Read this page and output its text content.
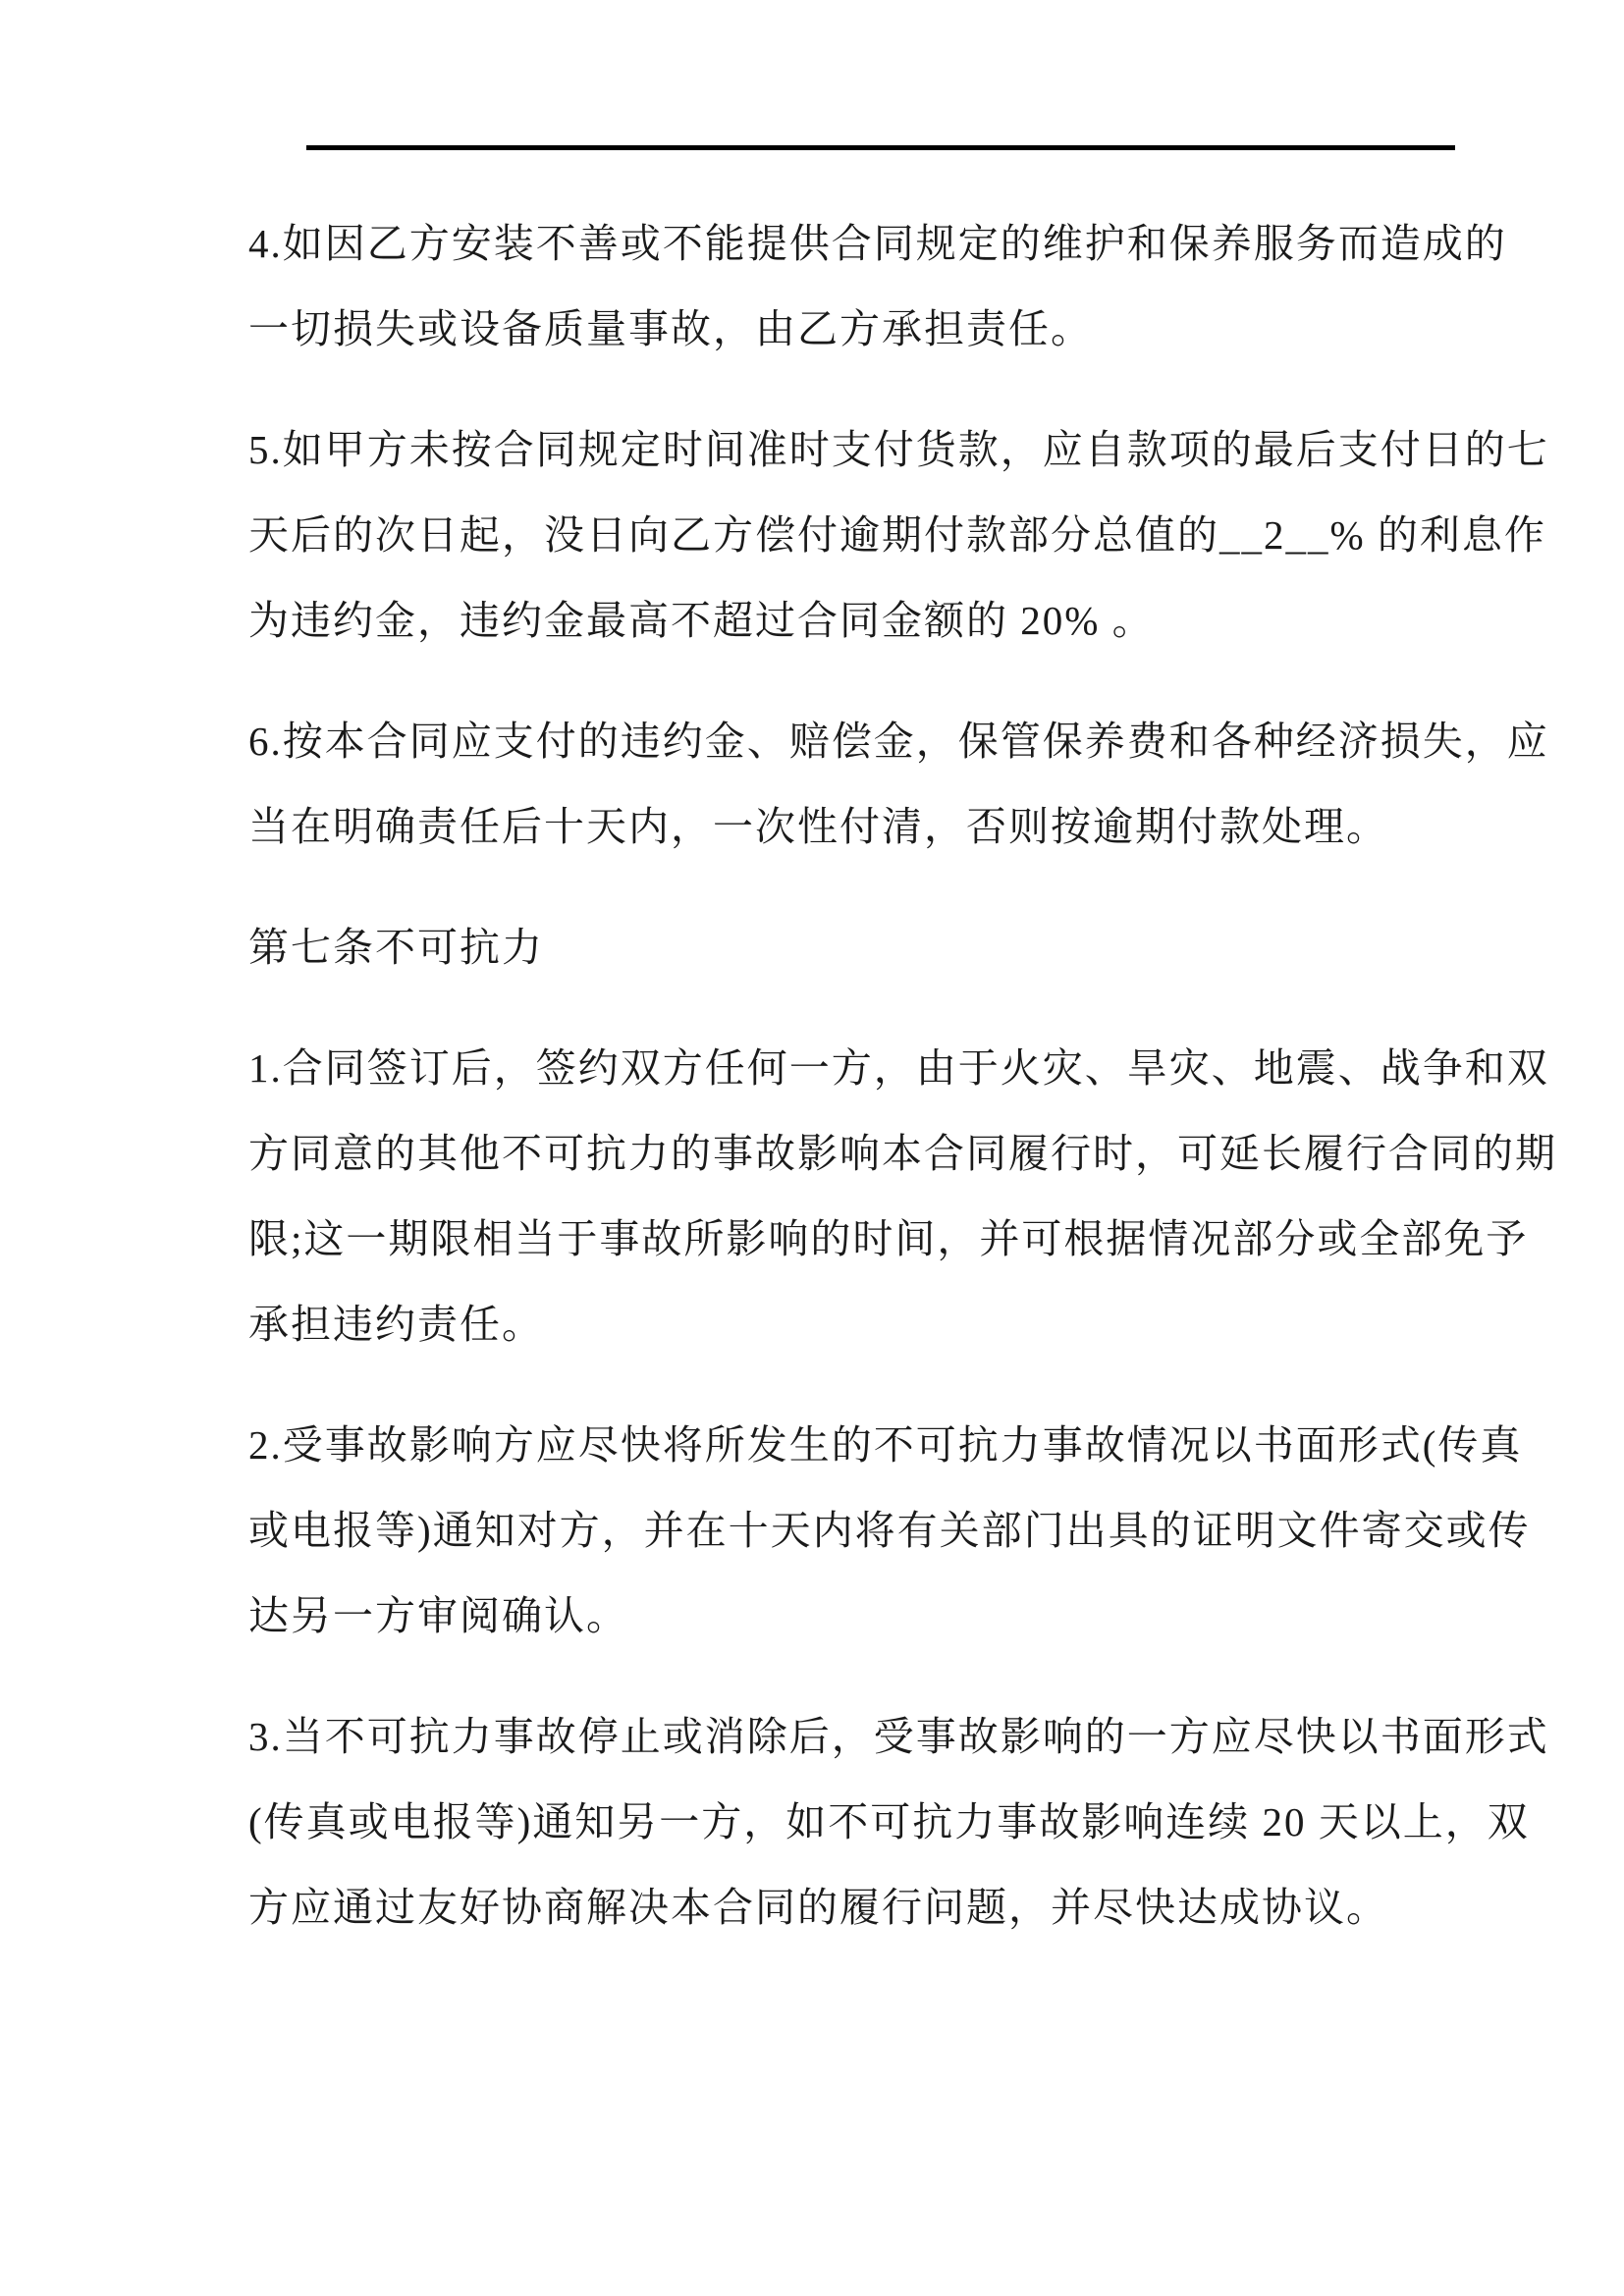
4.如因乙方安装不善或不能提供合同规定的维护和保养服务而造成的
一切损失或设备质量事故，由乙方承担责任。
5.如甲方未按合同规定时间准时支付货款，应自款项的最后支付日的七
天后的次日起，没日向乙方偿付逾期付款部分总值的__2__% 的利息作
为违约金，违约金最高不超过合同金额的 20% 。
6.按本合同应支付的违约金、赔偿金，保管保养费和各种经济损失，应
当在明确责任后十天内，一次性付清，否则按逾期付款处理。
第七条不可抗力
1.合同签订后，签约双方任何一方，由于火灾、旱灾、地震、战争和双
方同意的其他不可抗力的事故影响本合同履行时，可延长履行合同的期
限;这一期限相当于事故所影响的时间，并可根据情况部分或全部免予
承担违约责任。
2.受事故影响方应尽快将所发生的不可抗力事故情况以书面形式(传真
或电报等)通知对方，并在十天内将有关部门出具的证明文件寄交或传
达另一方审阅确认。
3.当不可抗力事故停止或消除后，受事故影响的一方应尽快以书面形式
(传真或电报等)通知另一方，如不可抗力事故影响连续 20 天以上，双
方应通过友好协商解决本合同的履行问题，并尽快达成协议。
